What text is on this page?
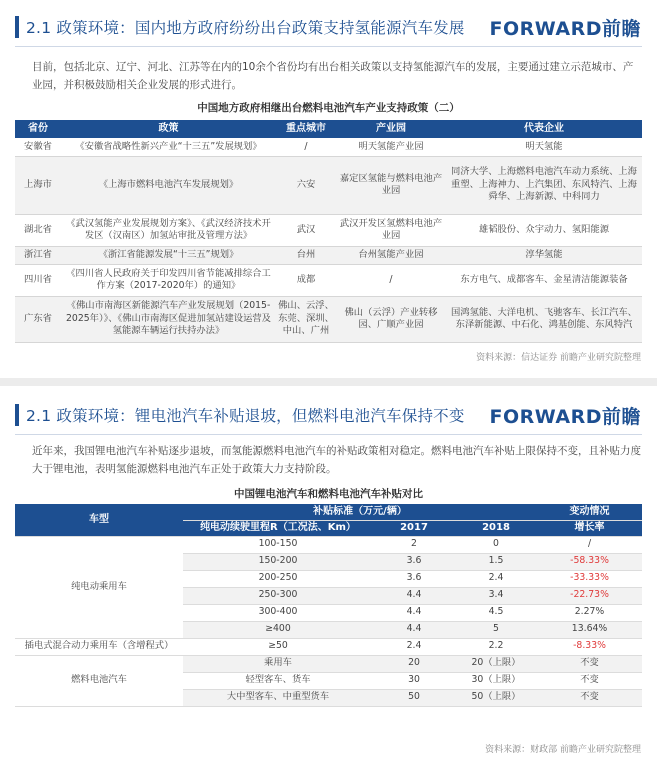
2.1 政策环境：国内地方政府纷纷出台政策支持氢能源汽车发展 FORWARD前瞻
目前，包括北京、辽宁、河北、江苏等在内的10余个省份均有出台相关政策以支持氢能源汽车的发展，主要通过建立示范城市、产业园，并积极鼓励相关企业发展的形式进行。
中国地方政府相继出台燃料电池汽车产业支持政策（二）
省份	政策	重点城市	产业园	代表企业
安徽省	《安徽省战略性新兴产业“十三五”发展规划》	/	明天氢能产业园	明天氢能
上海市	《上海市燃料电池汽车发展规划》	六安	嘉定区氢能与燃料电池产业园	同济大学、上海燃料电池汽车动力系统、上海重塑、上海神力、上汽集团、东风特汽、上海舜华、上海新源、中科同力
湖北省	《武汉氢能产业发展规划方案》、《武汉经济技术开发区（汉南区）加氢站审批及管理方法》	武汉	武汉开发区氢燃料电池产业园	雄韬股份、众宇动力、氢阳能源
浙江省	《浙江省能源发展“十三五”规划》	台州	台州氢能产业园	淳华氢能
四川省	《四川省人民政府关于印发四川省节能减排综合工作方案（2017-2020年）的通知》	成都	/	东方电气、成都客车、金星清洁能源装备
广东省	《佛山市南海区新能源汽车产业发展规划（2015-2025年）》、《佛山市南海区促进加氢站建设运营及氢能源车辆运行扶持办法》	佛山、云浮、东莞、深圳、中山、广州	佛山（云浮）产业转移园、广顺产业园	国鸿氢能、大洋电机、飞驰客车、长江汽车、东泽新能源、中石化、鸿基创能、东风特汽
资料来源：信达证券 前瞻产业研究院整理
2.1 政策环境：锂电池汽车补贴退坡，但燃料电池汽车保持不变 FORWARD前瞻
近年来，我国锂电池汽车补贴逐步退坡，而氢能源燃料电池汽车的补贴政策相对稳定。燃料电池汽车补贴上限保持不变，且补贴力度大于锂电池，表明氢能源燃料电池汽车正处于政策大力支持阶段。
中国锂电池汽车和燃料电池汽车补贴对比
车型	补贴标准（万元/辆）			变动情况
	纯电动续驶里程R（工况法、Km）	2017	2018	增长率
纯电动乘用车	100-150	2	0	/
	150-200	3.6	1.5	-58.33%
	200-250	3.6	2.4	-33.33%
	250-300	4.4	3.4	-22.73%
	300-400	4.4	4.5	2.27%
	≥400	4.4	5	13.64%
插电式混合动力乘用车（含增程式）	≥50	2.4	2.2	-8.33%
燃料电池汽车	乘用车	20	20（上限）	不变
	轻型客车、货车	30	30（上限）	不变
	大中型客车、中重型货车	50	50（上限）	不变
资料来源：财政部 前瞻产业研究院整理
